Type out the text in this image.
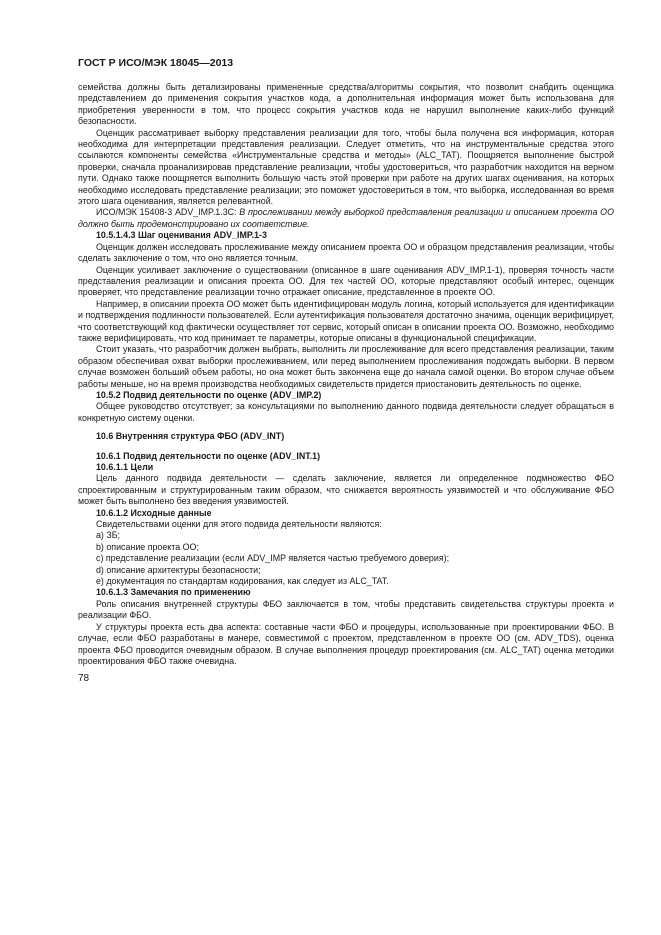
ГОСТ Р ИСО/МЭК 18045—2013

семейства должны быть детализированы примененные средства/алгоритмы сокрытия, что позволит снабдить оценщика представлением до применения сокрытия участков кода, а дополнительная информация может быть использована для приобретения уверенности в том, что процесс сокрытия участков кода не нарушил выполнение каких-либо функций безопасности.

Оценщик рассматривает выборку представления реализации для того, чтобы была получена вся информация, которая необходима для интерпретации представления реализации. Следует отметить, что на инструментальные средства этого ссылаются компоненты семейства «Инструментальные средства и методы» (ALC_TAT). Поощряется выполнение быстрой проверки, сначала проанализировав представление реализации, чтобы удостовериться, что разработчик находится на верном пути. Однако также поощряется выполнить большую часть этой проверки при работе на других шагах оценивания, на которых необходимо исследовать представление реализации; это поможет удостовериться в том, что выборка, исследованная во время этого шага оценивания, является релевантной.

ИСО/МЭК 15408-3 ADV_IMP.1.3C: В прослеживании между выборкой представления реализации и описанием проекта ОО должно быть продемонстрировано их соответствие.

10.5.1.4.3 Шаг оценивания ADV_IMP.1-3

Оценщик должен исследовать прослеживание между описанием проекта ОО и образцом представления реализации, чтобы сделать заключение о том, что оно является точным.

Оценщик усиливает заключение о существовании (описанное в шаге оценивания ADV_IMP.1-1), проверяя точность части представления реализации и описания проекта ОО. Для тех частей ОО, которые представляют особый интерес, оценщик проверяет, что представление реализации точно отражает описание, представленное в проекте ОО.

Например, в описании проекта ОО может быть идентифицирован модуль логина, который используется для идентификации и подтверждения подлинности пользователей. Если аутентификация пользователя достаточно значима, оценщик верифицирует, что соответствующий код фактически осуществляет тот сервис, который описан в описании проекта ОО. Возможно, необходимо также верифицировать, что код принимает те параметры, которые описаны в функциональной спецификации.

Стоит указать, что разработчик должен выбрать, выполнить ли прослеживание для всего представления реализации, таким образом обеспечивая охват выборки прослеживанием, или перед выполнением прослеживания подождать выборки. В первом случае возможен больший объем работы, но она может быть закончена еще до начала самой оценки. Во втором случае объем работы меньше, но на время производства необходимых свидетельств придется приостановить деятельность по оценке.

10.5.2 Подвид деятельности по оценке (ADV_IMP.2)

Общее руководство отсутствует; за консультациями по выполнению данного подвида деятельности следует обращаться в конкретную систему оценки.

10.6 Внутренняя структура ФБО (ADV_INT)

10.6.1 Подвид деятельности по оценке (ADV_INT.1)

10.6.1.1 Цели

Цель данного подвида деятельности — сделать заключение, является ли определенное подмножество ФБО спроектированным и структурированным таким образом, что снижается вероятность уязвимостей и что обслуживание ФБО может быть выполнено без введения уязвимостей.

10.6.1.2 Исходные данные

Свидетельствами оценки для этого подвида деятельности являются:

a) ЗБ;

b) описание проекта ОО;

c) представление реализации (если ADV_IMP является частью требуемого доверия);

d) описание архитектуры безопасности;

e) документация по стандартам кодирования, как следует из ALC_TAT.

10.6.1.3 Замечания по применению

Роль описания внутренней структуры ФБО заключается в том, чтобы представить свидетельства структуры проекта и реализации ФБО.

У структуры проекта есть два аспекта: составные части ФБО и процедуры, использованные при проектировании ФБО. В случае, если ФБО разработаны в манере, совместимой с проектом, представленном в проекте ОО (см. ADV_TDS), оценка проекта ФБО проводится очевидным образом. В случае выполнения процедур проектирования (см. ALC_TAT) оценка методики проектирования ФБО также очевидна.

78
